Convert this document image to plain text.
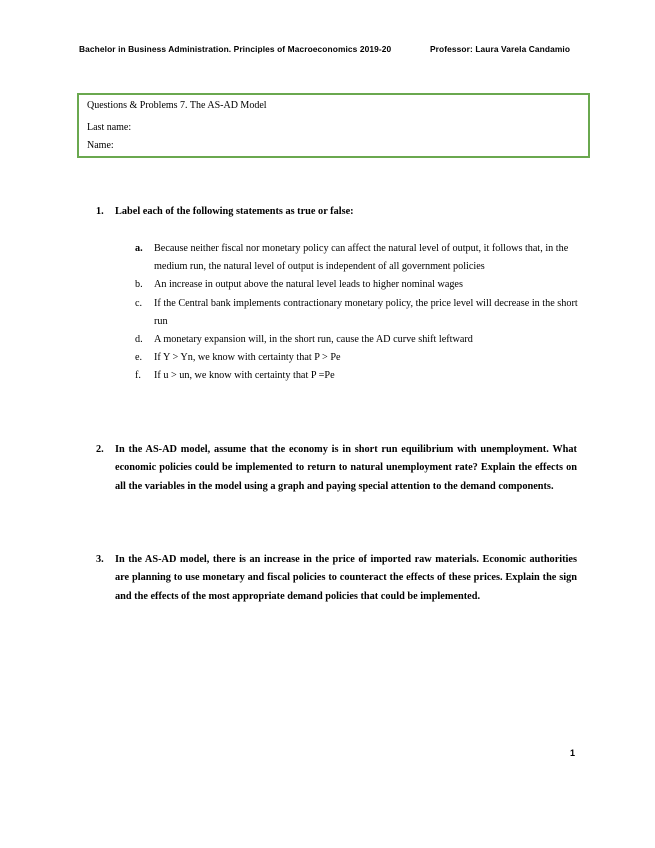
Bachelor in Business Administration. Principles of Macroeconomics 2019-20	Professor: Laura Varela Candamio
Questions & Problems 7. The AS-AD Model
Last name:
Name:
1.	Label each of the following statements as true or false:
a. Because neither fiscal nor monetary policy can affect the natural level of output, it follows that, in the medium run, the natural level of output is independent of all government policies
b. An increase in output above the natural level leads to higher nominal wages
c. If the Central bank implements contractionary monetary policy, the price level will decrease in the short run
d. A monetary expansion will, in the short run, cause the AD curve shift leftward
e. If Y > Yn, we know with certainty that P > Pe
f. If u > un, we know with certainty that P =Pe
2.	In the AS-AD model, assume that the economy is in short run equilibrium with unemployment. What economic policies could be implemented to return to natural unemployment rate? Explain the effects on all the variables in the model using a graph and paying special attention to the demand components.
3.	In the AS-AD model, there is an increase in the price of imported raw materials. Economic authorities are planning to use monetary and fiscal policies to counteract the effects of these prices. Explain the sign and the effects of the most appropriate demand policies that could be implemented.
1
